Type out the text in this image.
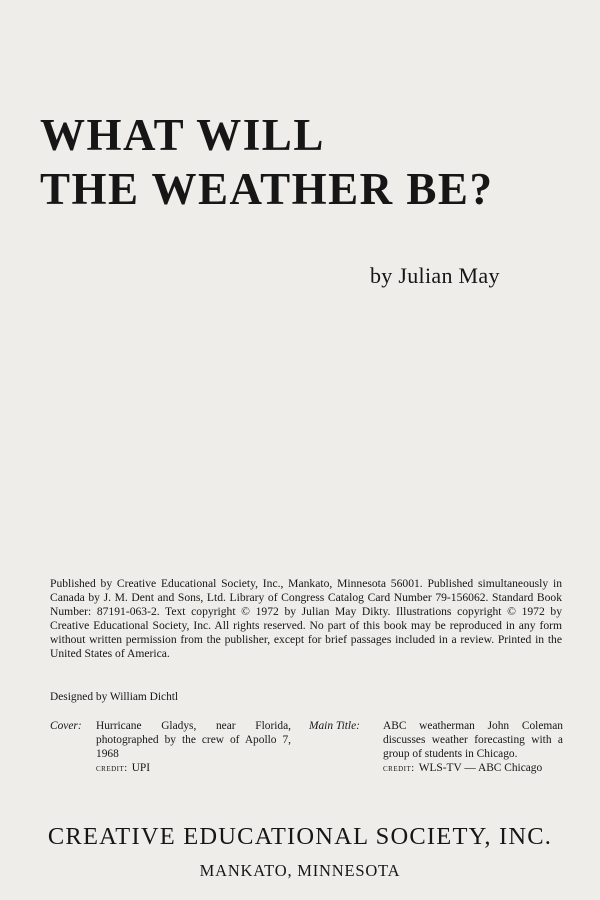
WHAT WILL
THE WEATHER BE?
by Julian May
Published by Creative Educational Society, Inc., Mankato, Minnesota 56001. Published simultaneously in Canada by J. M. Dent and Sons, Ltd. Library of Congress Catalog Card Number 79-156062. Standard Book Number: 87191-063-2. Text copyright © 1972 by Julian May Dikty. Illustrations copyright © 1972 by Creative Educational Society, Inc. All rights reserved. No part of this book may be reproduced in any form without written permission from the publisher, except for brief passages included in a review. Printed in the United States of America.
Designed by William Dichtl
Cover: Hurricane Gladys, near Florida, photographed by the crew of Apollo 7, 1968
credit: UPI
Main Title: ABC weatherman John Coleman discusses weather forecasting with a group of students in Chicago.
credit: WLS-TV — ABC Chicago
CREATIVE EDUCATIONAL SOCIETY, INC.
MANKATO, MINNESOTA
